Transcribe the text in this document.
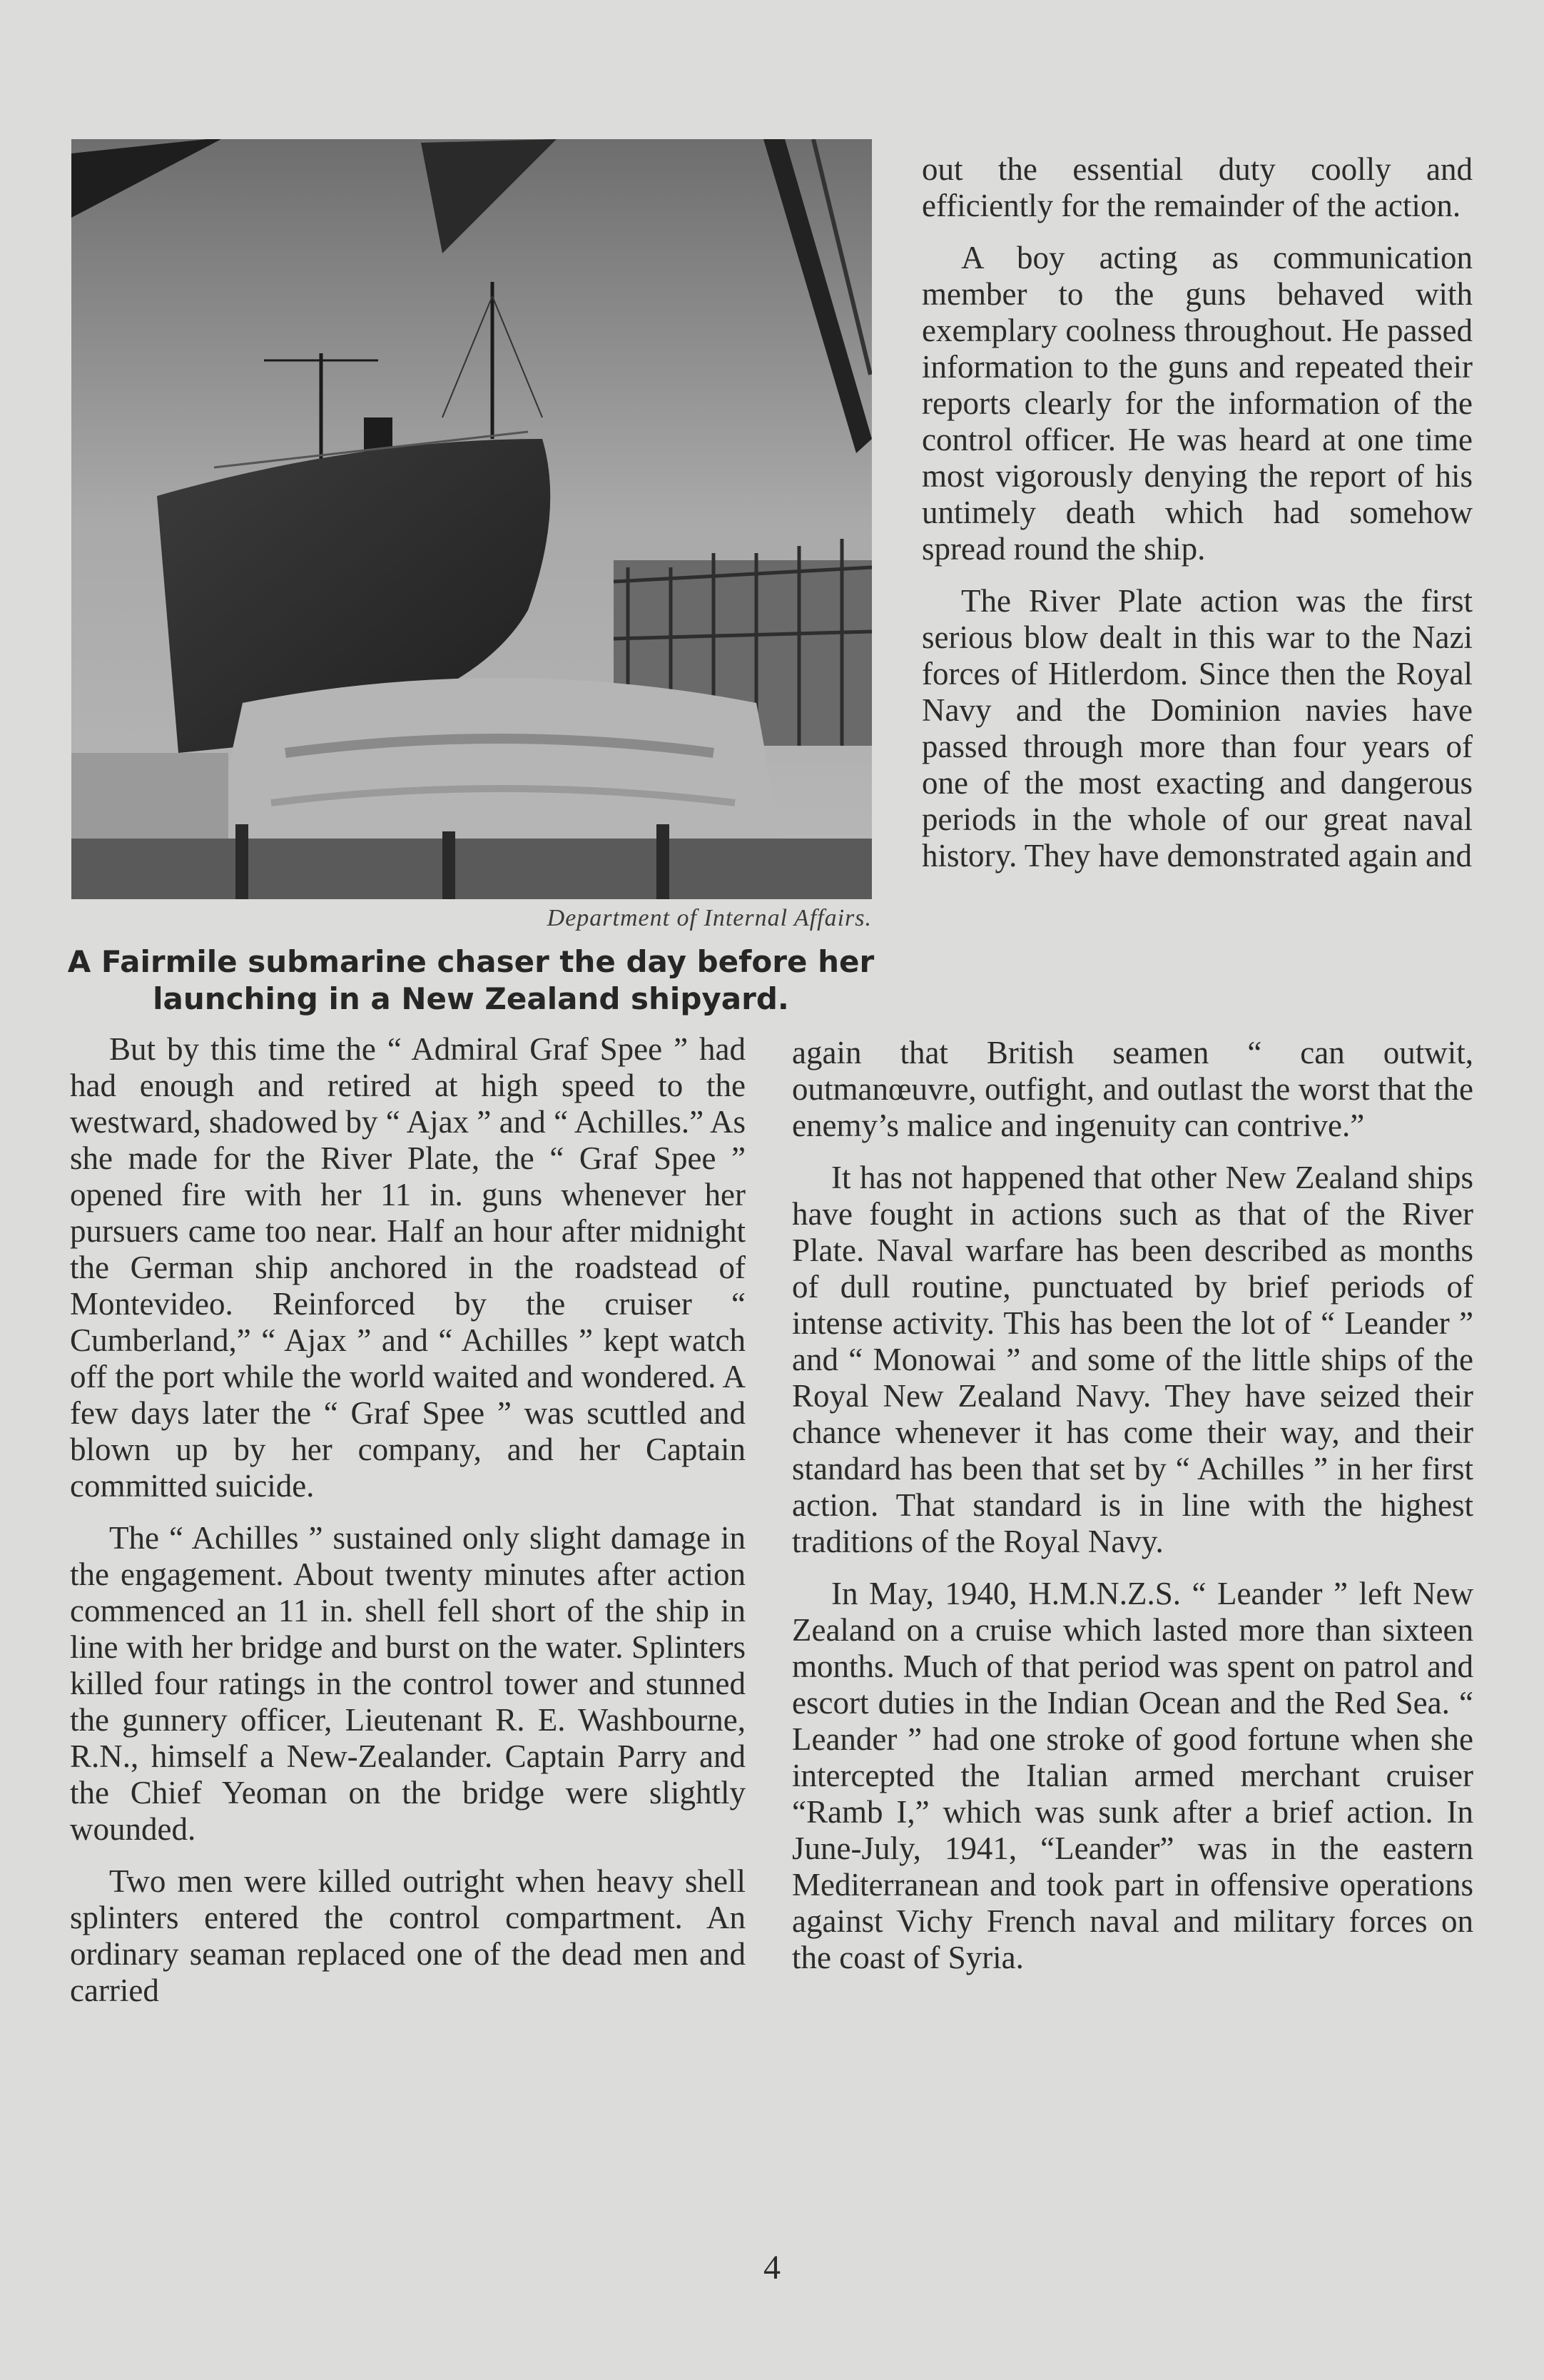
Department of Internal Affairs.
A Fairmile submarine chaser the day before her launching in a New Zealand shipyard.

out the essential duty coolly and efficiently for the remainder of the action.

A boy acting as communication member to the guns behaved with exemplary coolness throughout. He passed information to the guns and repeated their reports clearly for the information of the control officer. He was heard at one time most vigorously denying the report of his untimely death which had somehow spread round the ship.

The River Plate action was the first serious blow dealt in this war to the Nazi forces of Hitlerdom. Since then the Royal Navy and the Dominion navies have passed through more than four years of one of the most exacting and dangerous periods in the whole of our great naval history. They have demonstrated again and

again that British seamen “ can outwit, outmanœuvre, outfight, and outlast the worst that the enemy’s malice and ingenuity can contrive.”

It has not happened that other New Zealand ships have fought in actions such as that of the River Plate. Naval warfare has been described as months of dull routine, punctuated by brief periods of intense activity. This has been the lot of “ Leander ” and “ Monowai ” and some of the little ships of the Royal New Zealand Navy. They have seized their chance whenever it has come their way, and their standard has been that set by “ Achilles ” in her first action. That standard is in line with the highest traditions of the Royal Navy.

In May, 1940, H.M.N.Z.S. “ Leander ” left New Zealand on a cruise which lasted more than sixteen months. Much of that period was spent on patrol and escort duties in the Indian Ocean and the Red Sea. “ Leander ” had one stroke of good fortune when she intercepted the Italian armed merchant cruiser “Ramb I,” which was sunk after a brief action. In June-July, 1941, “Leander” was in the eastern Mediterranean and took part in offensive operations against Vichy French naval and military forces on the coast of Syria.

But by this time the “ Admiral Graf Spee ” had had enough and retired at high speed to the westward, shadowed by “ Ajax ” and “ Achilles.” As she made for the River Plate, the “ Graf Spee ” opened fire with her 11 in. guns whenever her pursuers came too near. Half an hour after midnight the German ship anchored in the roadstead of Montevideo. Reinforced by the cruiser “ Cumberland,” “ Ajax ” and “ Achilles ” kept watch off the port while the world waited and wondered. A few days later the “ Graf Spee ” was scuttled and blown up by her company, and her Captain committed suicide.

The “ Achilles ” sustained only slight damage in the engagement. About twenty minutes after action commenced an 11 in. shell fell short of the ship in line with her bridge and burst on the water. Splinters killed four ratings in the control tower and stunned the gunnery officer, Lieutenant R. E. Washbourne, R.N., himself a New-Zealander. Captain Parry and the Chief Yeoman on the bridge were slightly wounded.

Two men were killed outright when heavy shell splinters entered the control compartment. An ordinary seaman replaced one of the dead men and carried

4
